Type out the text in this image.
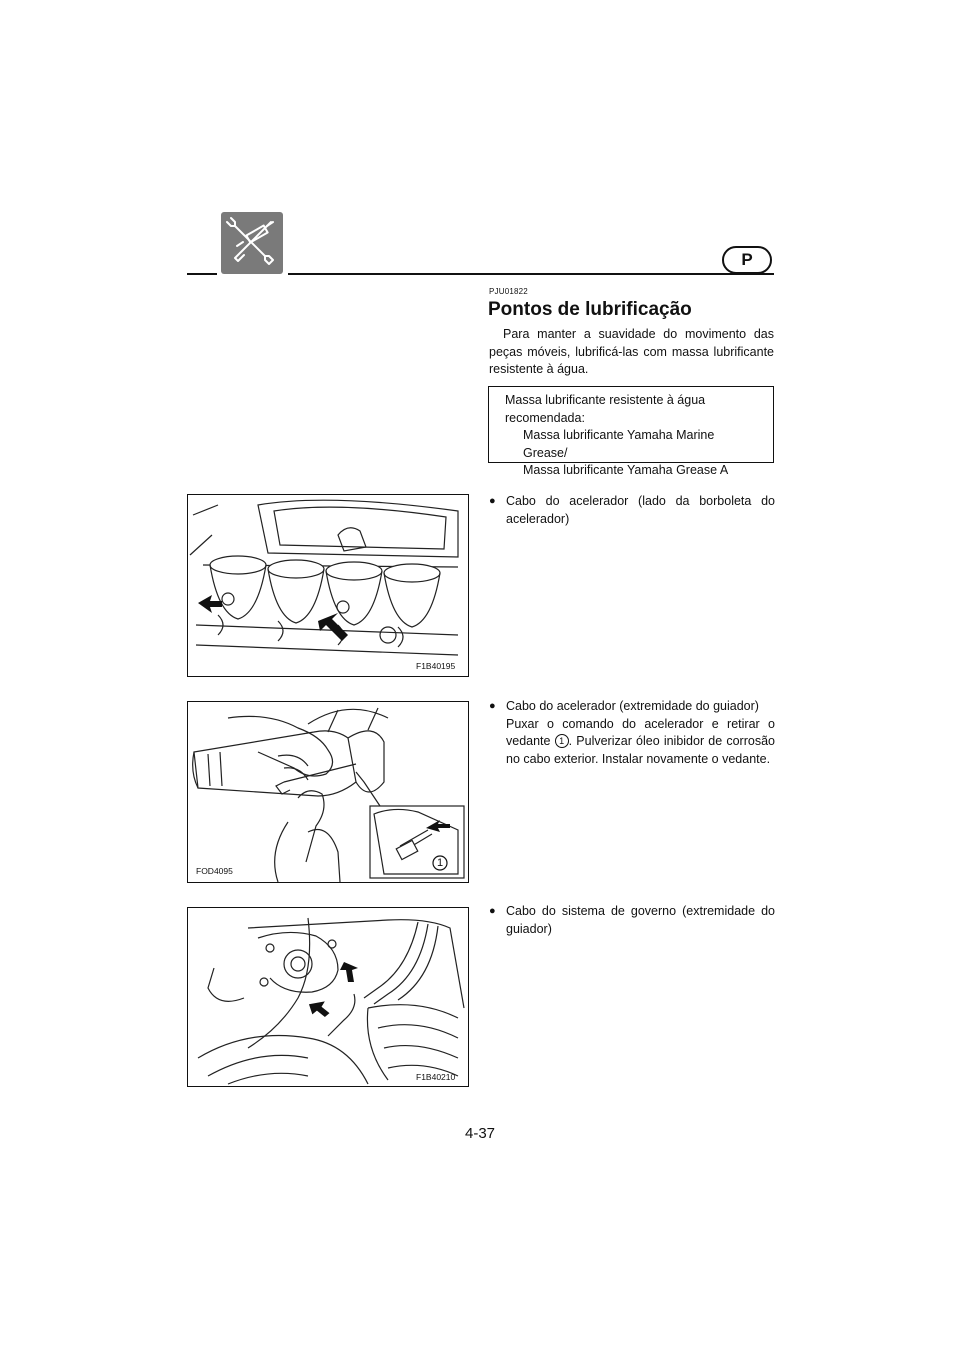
P
PJU01822
Pontos de lubrificação

Para manter a suavidade do movimento das peças móveis, lubrificá-las com massa lubrificante resistente à água.

Massa lubrificante resistente à água
recomendada:
Massa lubrificante Yamaha Marine Grease/
Massa lubrificante Yamaha Grease A
● Cabo do acelerador (lado da borboleta do acelerador)
● Cabo do acelerador (extremidade do guiador)
Puxar o comando do acelerador e retirar o vedante 1 . Pulverizar óleo inibidor de corrosão no cabo exterior. Instalar novamente o vedante.
● Cabo do sistema de governo (extremidade do guiador)
F1B40195
1
FOD4095
F1B40210
4-37
